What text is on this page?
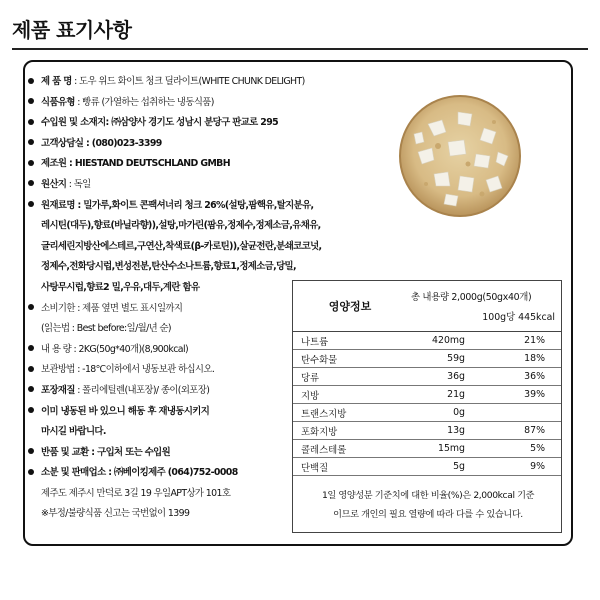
제품 표기사항
제 품 명 : 도우 위드 화이트 청크 딜라이트(WHITE CHUNK DELIGHT)
식품유형 : 빵류 (가열하는 섭취하는 냉동식품)
수입원 및 소재지: ㈜삼양사 경기도 성남시 분당구 판교로 295
고객상담실 : (080)023-3399
제조원 : HIESTAND DEUTSCHLAND GMBH
원산지 : 독일
원재료명 : 밀가루,화이트 콘팩셔너리 청크 26%(설탕,팜핵유,탈지분유,
레시틴(대두),향료(바닐라향)),설탕,마가린(팜유,정제수,정제소금,유채유,
글리세린지방산에스테르,구연산,착색료(β-카로틴)),살균전란,분쇄코코넛,
정제수,전화당시럽,변성전분,탄산수소나트륨,향료1,정제소금,당밀,
사탕무시럽,향료2 밀,우유,대두,계란 함유
소비기한 : 제품 옆면 별도 표시일까지
(읽는법 : Best before:일/월/년 순)
내 용 량 : 2KG(50g*40개)(8,900kcal)
보관방법 : -18℃이하에서 냉동보관 하십시오.
포장재질 : 폴리에틸렌(내포장)/ 종이(외포장)
이미 냉동된 바 있으니 해동 후 재냉동시키지
마시길 바랍니다.
반품 및 교환 : 구입처 또는 수입원
소분 및 판매업소 : ㈜베이킹제주 (064)752-0008
제주도 제주시 만덕로 3길 19 우일APT상가 101호
※부정/불량식품 신고는 국번없이 1399
영양정보
총 내용량 2,000g(50gx40개)
100g당 445kcal
나트륨	420mg	21%
탄수화물	59g	18%
당류	36g	36%
지방	21g	39%
트랜스지방	0g
포화지방	13g	87%
콜레스테롤	15mg	5%
단백질	5g	9%
1일 영양성분 기준치에 대한 비율(%)은 2,000kcal 기준
이므로 개인의 필요 열량에 따라 다를 수 있습니다.
